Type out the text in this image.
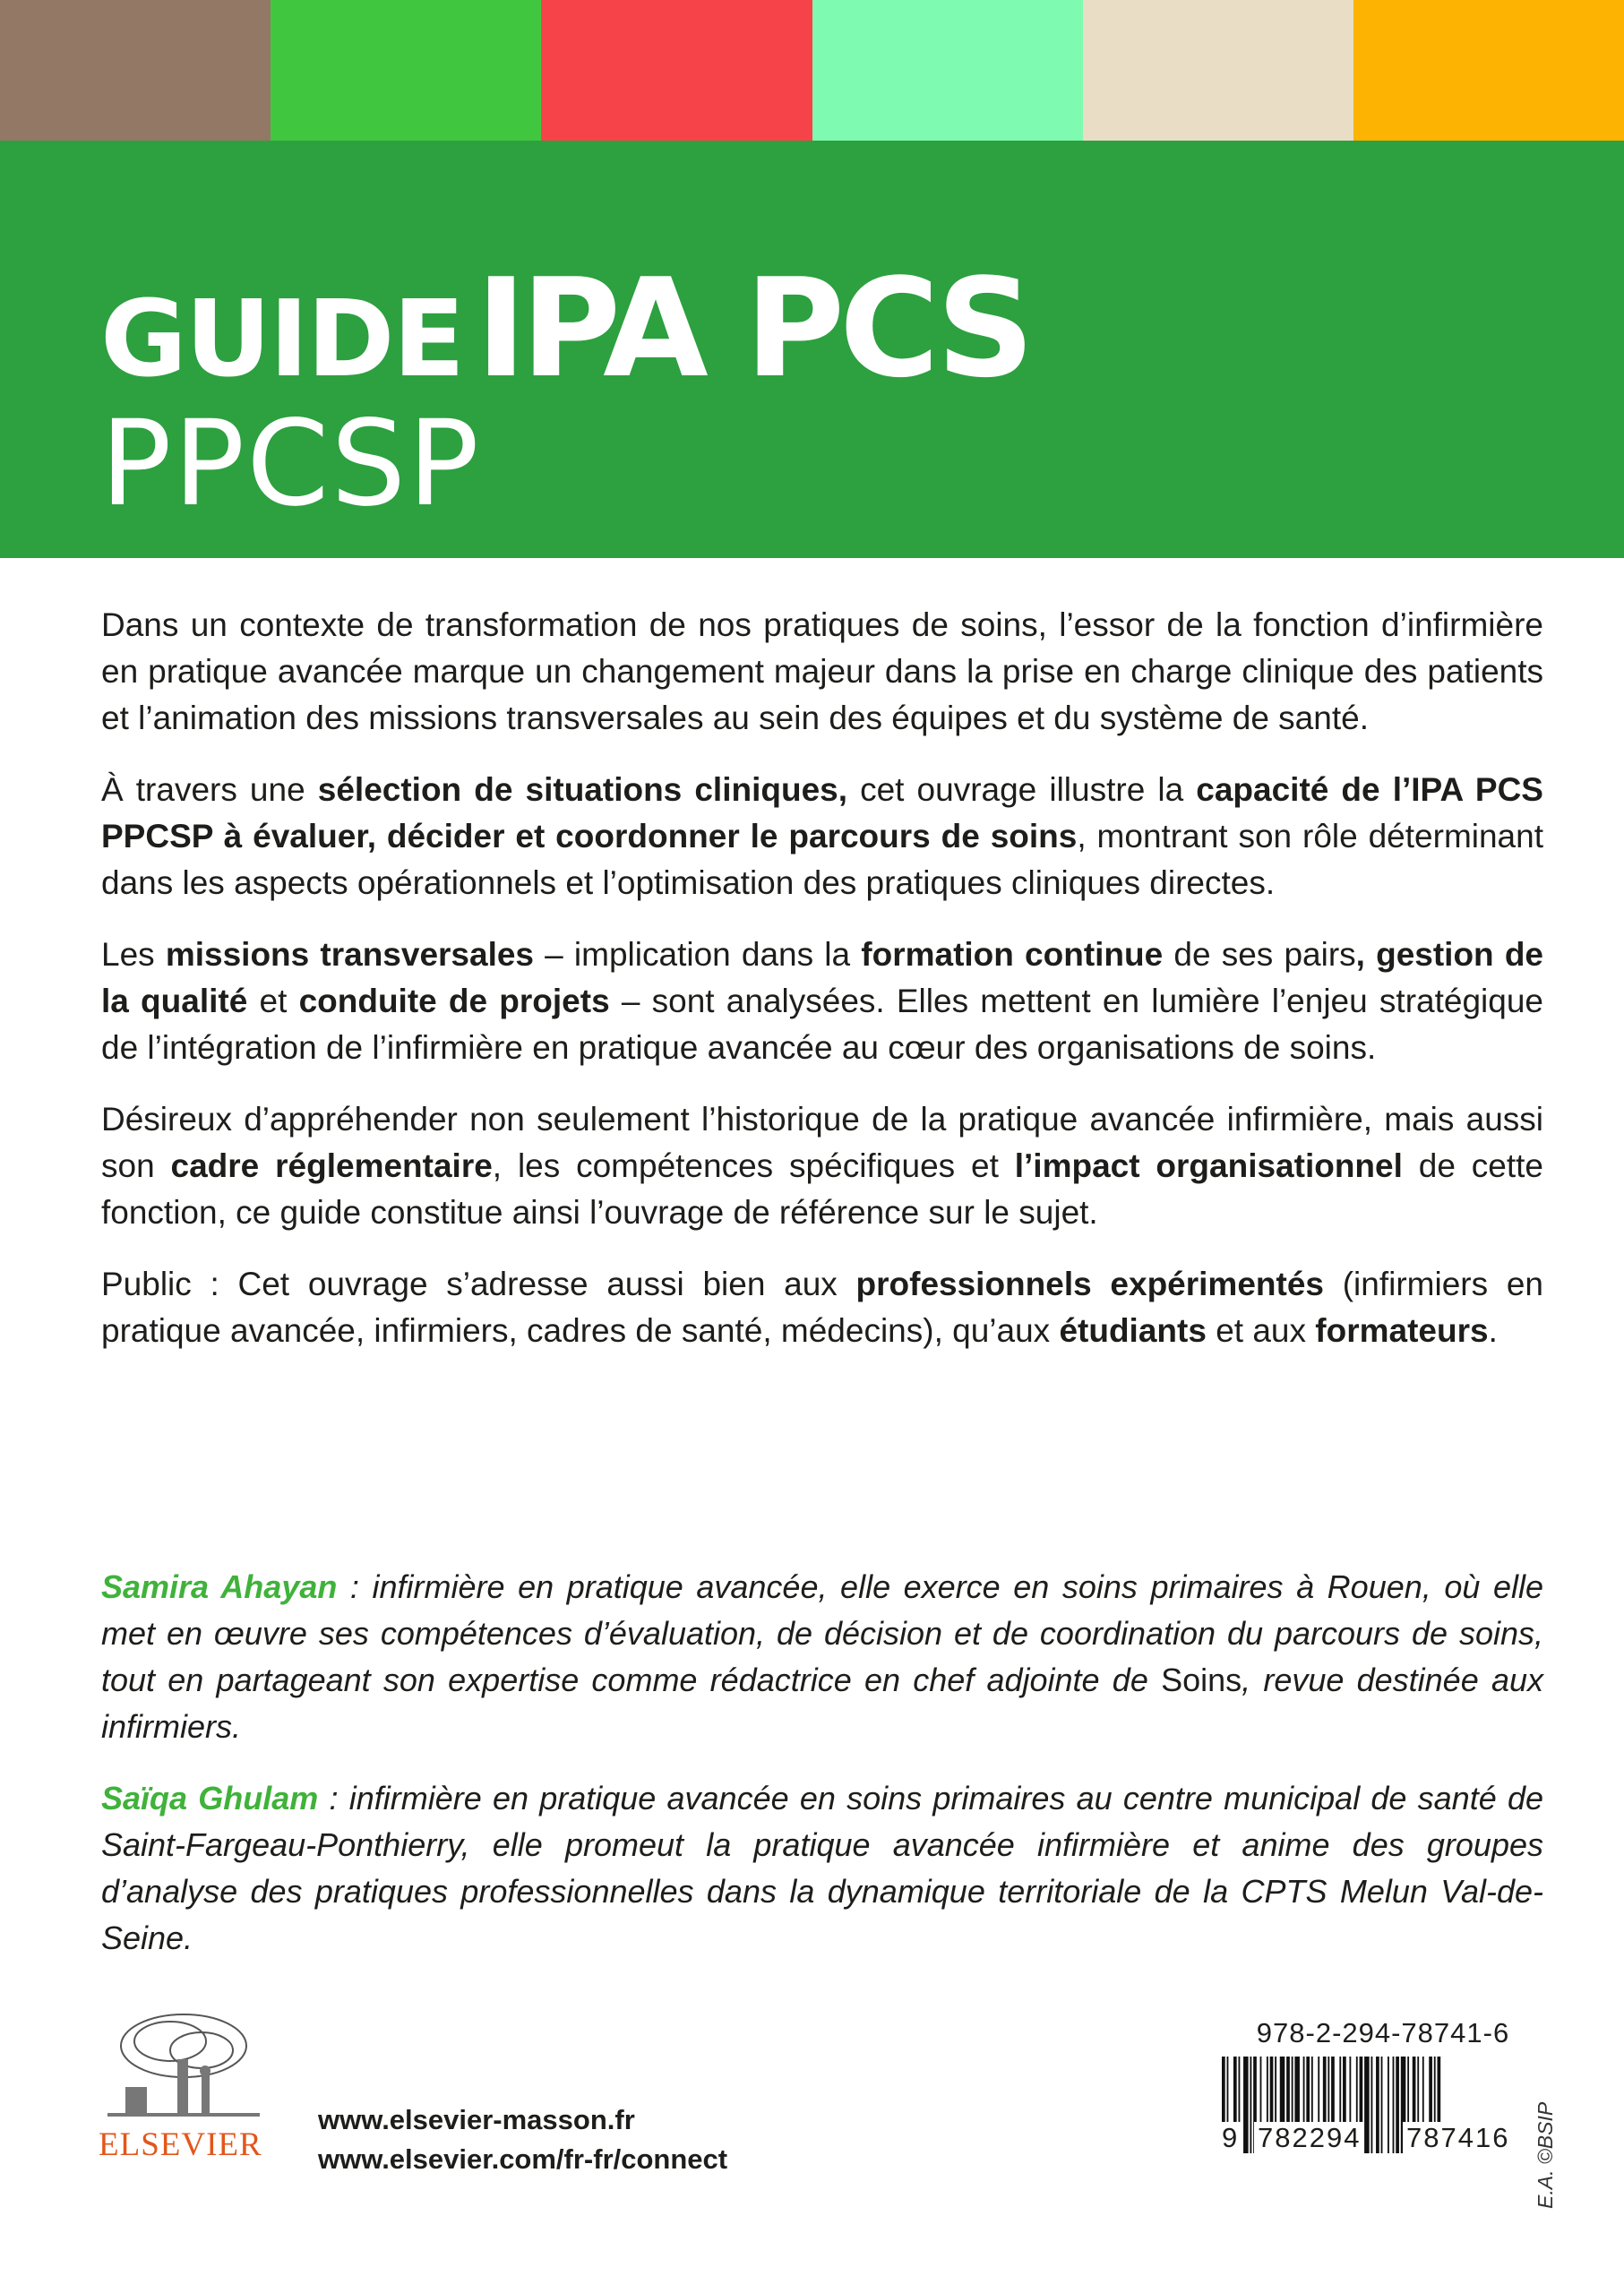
GUIDEIPA PCS
PPCSP

Dans un contexte de transformation de nos pratiques de soins, l’essor de la fonction d’infirmière en pratique avancée marque un changement majeur dans la prise en charge clinique des patients et l’animation des missions transversales au sein des équipes et du système de santé.

À travers une sélection de situations cliniques, cet ouvrage illustre la capacité de l’IPA PCS PPCSP à évaluer, décider et coordonner le parcours de soins, montrant son rôle déterminant dans les aspects opérationnels et l’optimisation des pratiques cliniques directes.

Les missions transversales – implication dans la formation continue de ses pairs, gestion de la qualité et conduite de projets – sont analysées. Elles mettent en lumière l’enjeu stratégique de l’intégration de l’infirmière en pratique avancée au cœur des organisations de soins.

Désireux d’appréhender non seulement l’historique de la pratique avancée infirmière, mais aussi son cadre réglementaire, les compétences spécifiques et l’impact organisationnel de cette fonction, ce guide constitue ainsi l’ouvrage de référence sur le sujet.

Public : Cet ouvrage s’adresse aussi bien aux professionnels expérimentés (infirmiers en pratique avancée, infirmiers, cadres de santé, médecins), qu’aux étudiants et aux formateurs.

Samira Ahayan : infirmière en pratique avancée, elle exerce en soins primaires à Rouen, où elle met en œuvre ses compétences d’évaluation, de décision et de coordination du parcours de soins, tout en partageant son expertise comme rédactrice en chef adjointe de Soins, revue destinée aux infirmiers.

Saïqa Ghulam : infirmière en pratique avancée en soins primaires au centre municipal de santé de Saint-Fargeau-Ponthierry, elle promeut la pratique avancée infirmière et anime des groupes d’analyse des pratiques professionnelles dans la dynamique territoriale de la CPTS Melun Val-de-Seine.

ELSEVIER
www.elsevier-masson.fr
www.elsevier.com/fr-fr/connect
978-2-294-78741-6
9 782294 787416 E.A. ©BSIP
